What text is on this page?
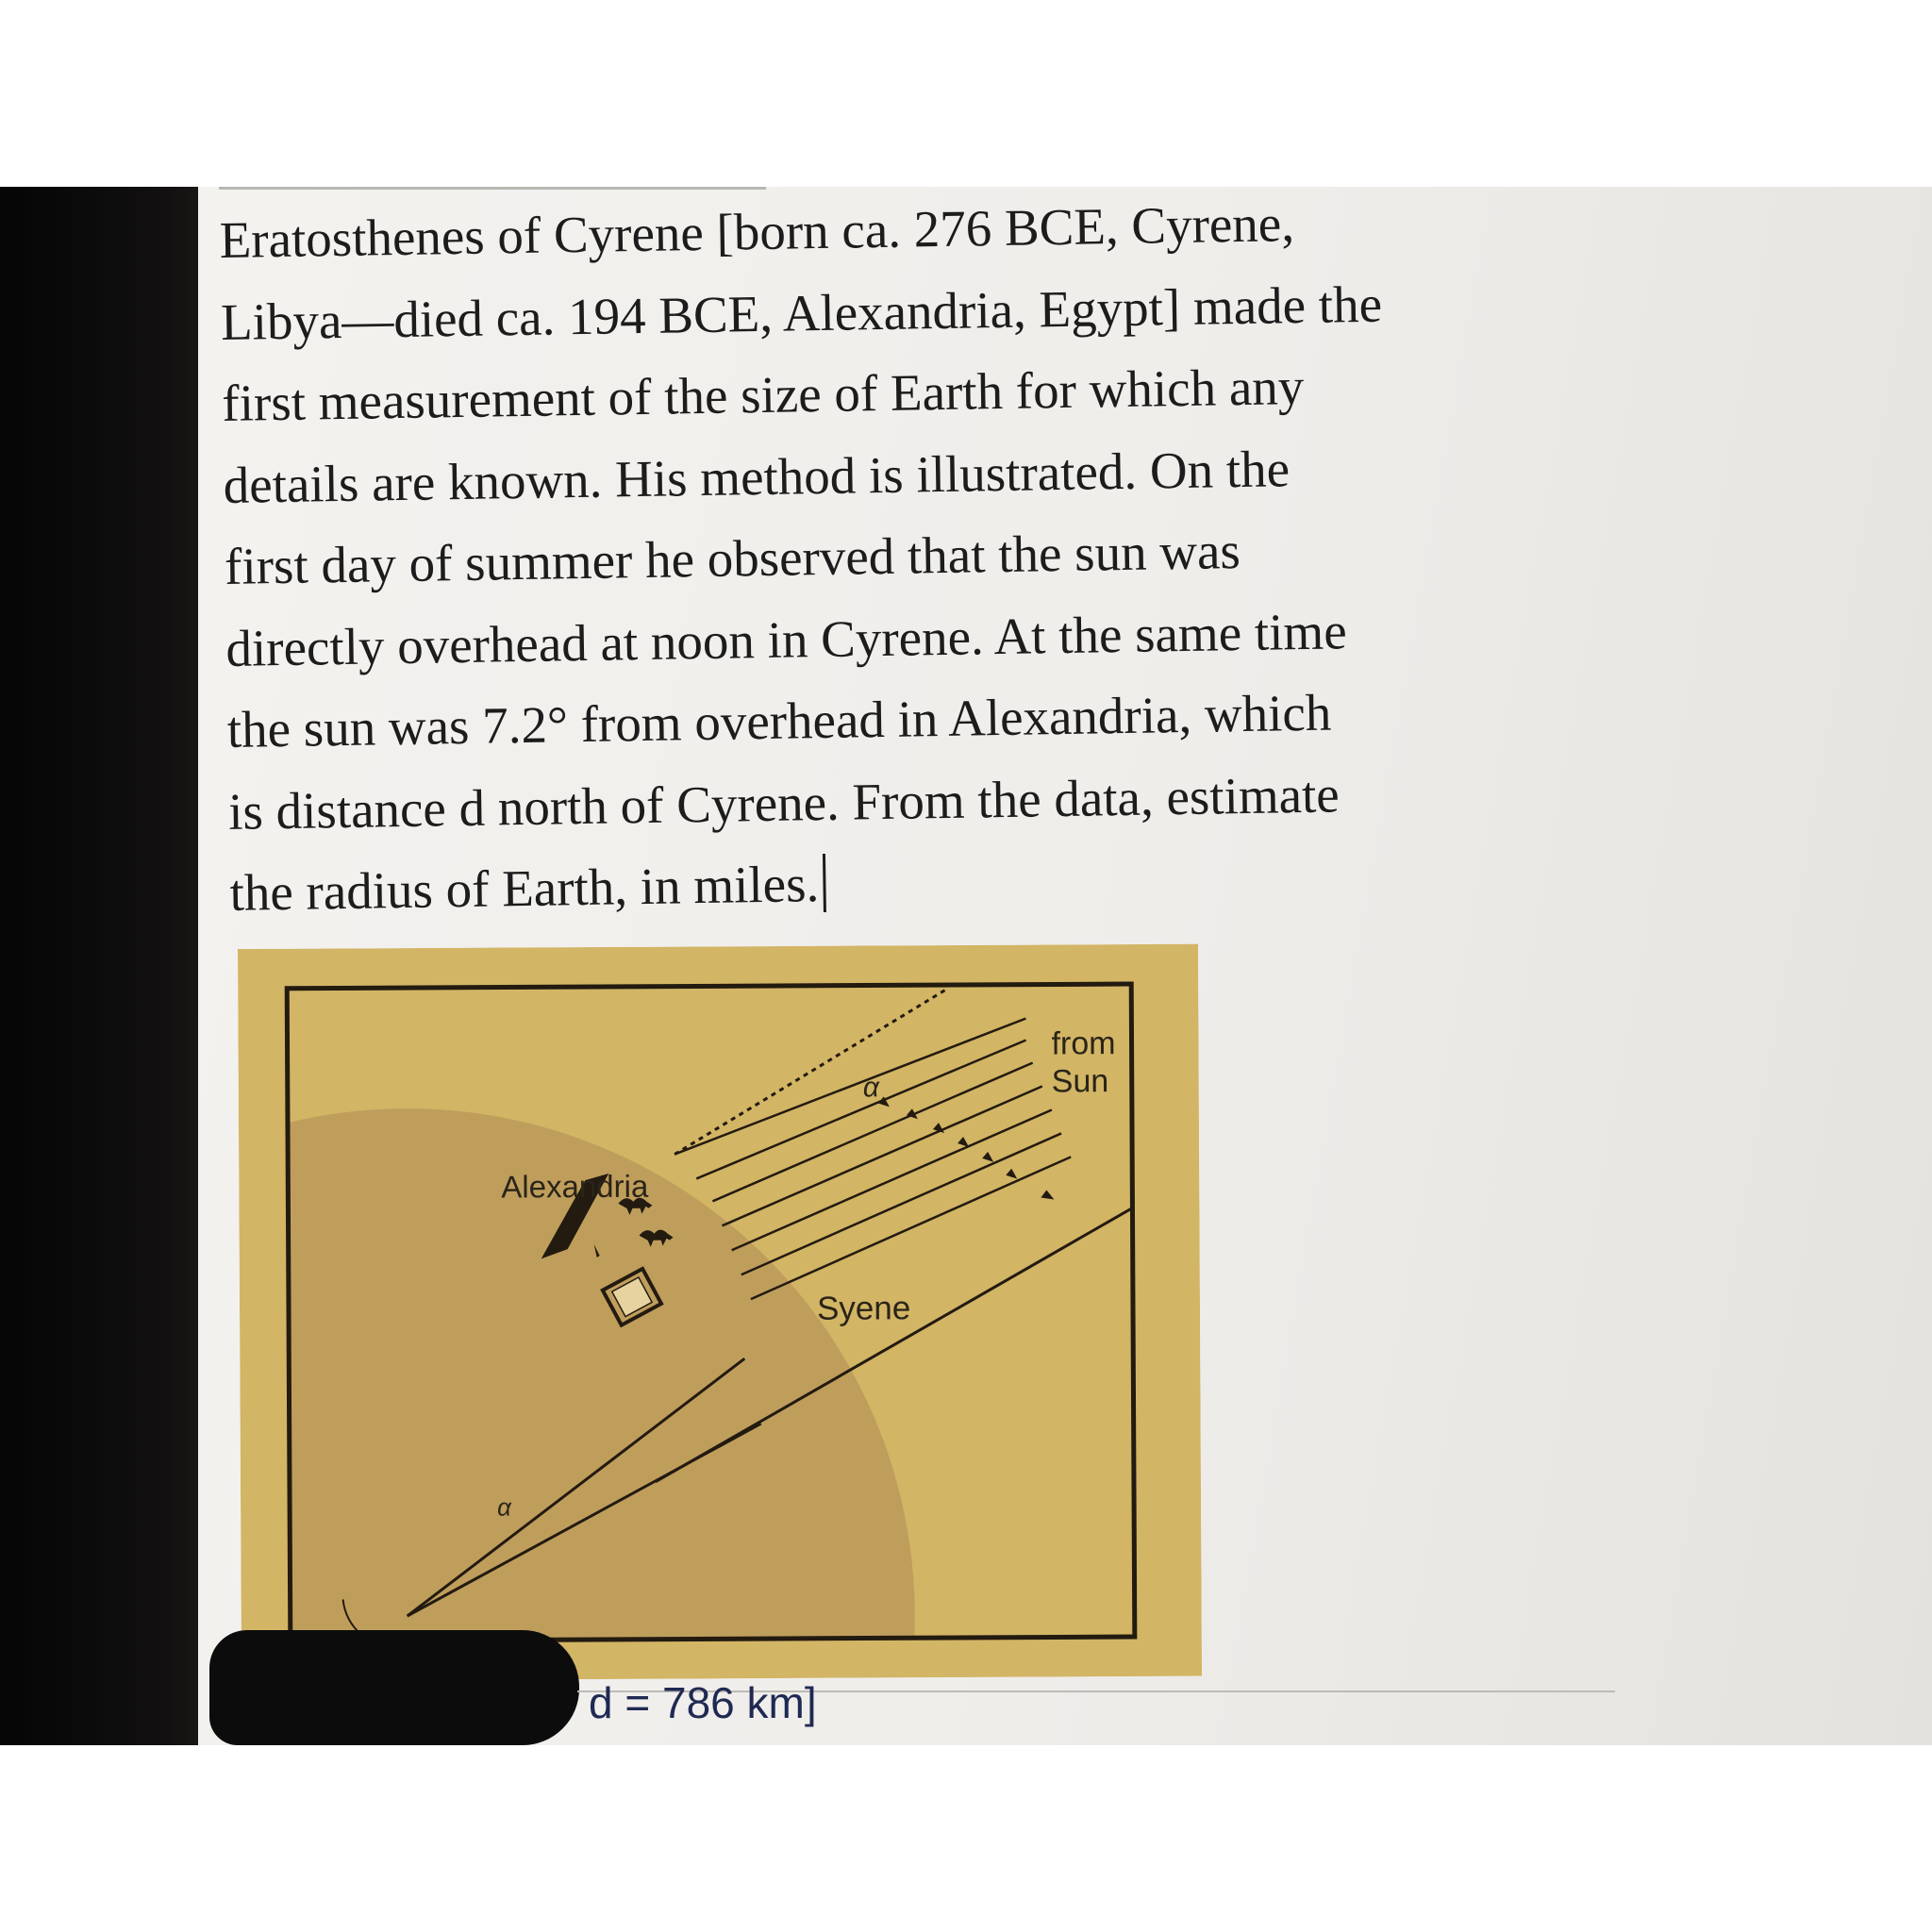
Eratosthenes of Cyrene [born ca. 276 BCE, Cyrene,
Libya—died ca. 194 BCE, Alexandria, Egypt] made the
first measurement of the size of Earth for which any
details are known. His method is illustrated. On the
first day of summer he observed that the sun was
directly overhead at noon in Cyrene. At the same time
the sun was 7.2° from overhead in Alexandria, which
is distance d north of Cyrene. From the data, estimate
the radius of Earth, in miles.
Alexandria
Syene
from
Sun
α
α

d = 786 km]
